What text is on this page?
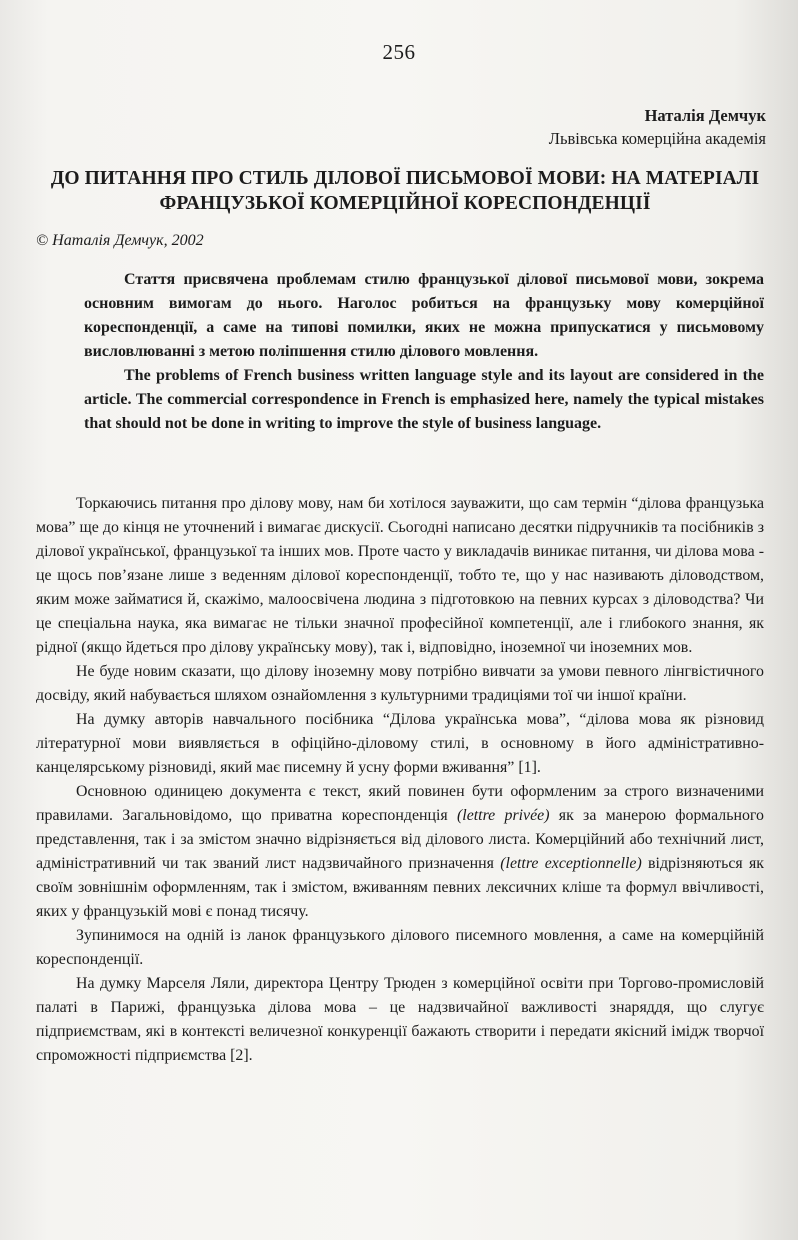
256
Наталія Демчук
Львівська комерційна академія
ДО ПИТАННЯ ПРО СТИЛЬ ДІЛОВОЇ ПИСЬМОВОЇ МОВИ: НА МАТЕРІАЛІ ФРАНЦУЗЬКОЇ КОМЕРЦІЙНОЇ КОРЕСПОНДЕНЦІЇ
© Наталія Демчук, 2002

Стаття присвячена проблемам стилю французької ділової письмової мови, зокрема основним вимогам до нього. Наголос робиться на французьку мову комерційної кореспонденції, а саме на типові помилки, яких не можна припускатися у письмовому висловлюванні з метою поліпшення стилю ділового мовлення.

The problems of French business written language style and its layout are considered in the article. The commercial correspondence in French is emphasized here, namely the typical mistakes that should not be done in writing to improve the style of business language.

Торкаючись питання про ділову мову, нам би хотілося зауважити, що сам термін “ділова французька мова” ще до кінця не уточнений і вимагає дискусії. Сьогодні написано десятки підручників та посібників з ділової української, французької та інших мов. Проте часто у викладачів виникає питання, чи ділова мова - це щось пов’язане лише з веденням ділової кореспонденції, тобто те, що у нас називають діловодством, яким може займатися й, скажімо, малоосвічена людина з підготовкою на певних курсах з діловодства? Чи це спеціальна наука, яка вимагає не тільки значної професійної компетенції, але і глибокого знання, як рідної (якщо йдеться про ділову українську мову), так і, відповідно, іноземної чи іноземних мов.

Не буде новим сказати, що ділову іноземну мову потрібно вивчати за умови певного лінгвістичного досвіду, який набувається шляхом ознайомлення з культурними традиціями тої чи іншої країни.

На думку авторів навчального посібника “Ділова українська мова”, “ділова мова як різновид літературної мови виявляється в офіційно-діловому стилі, в основному в його адміністративно-канцелярському різновиді, який має писемну й усну форми вживання” [1].

Основною одиницею документа є текст, який повинен бути оформленим за строго визначеними правилами. Загальновідомо, що приватна кореспонденція (lettre privée) як за манерою формального представлення, так і за змістом значно відрізняється від ділового листа. Комерційний або технічний лист, адміністративний чи так званий лист надзвичайного призначення (lettre exceptionnelle) відрізняються як своїм зовнішнім оформленням, так і змістом, вживанням певних лексичних кліше та формул ввічливості, яких у французькій мові є понад тисячу.

Зупинимося на одній із ланок французького ділового писемного мовлення, а саме на комерційній кореспонденції.

На думку Марселя Ляли, директора Центру Трюден з комерційної освіти при Торгово-промисловій палаті в Парижі, французька ділова мова – це надзвичайної важливості знаряддя, що слугує підприємствам, які в контексті величезної конкуренції бажають створити і передати якісний імідж творчої спроможності підприємства [2].
